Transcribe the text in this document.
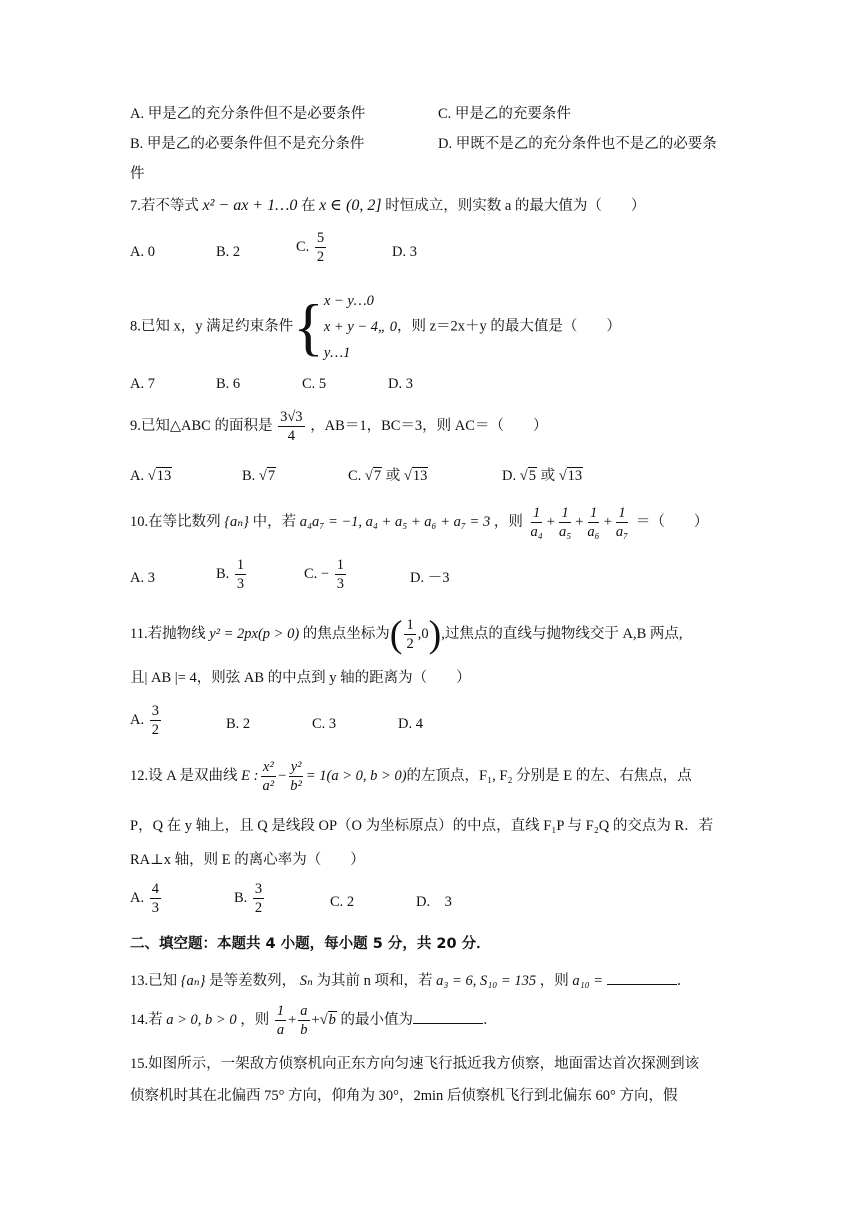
A. 甲是乙的充分条件但不是必要条件	C. 甲是乙的充要条件
B. 甲是乙的必要条件但不是充分条件	D. 甲既不是乙的充分条件也不是乙的必要条
件
7.若不等式 x² − ax + 1…0 在 x ∈ (0, 2] 时恒成立，则实数 a 的最大值为（　　）
A. 0	B. 2	C. $\frac{5}{2}$	D. 3
8.已知 x，y 满足约束条件{ x − y…0
x + y − 4„ 0
y…1
，则 z＝2x＋y 的最大值是（　　）
A. 7	B. 6	C. 5	D. 3
9.已知△ABC 的面积是 $\frac{3√3}{4}$ ，AB＝1，BC＝3，则 AC＝（　　）
A. √13	B. √7	C. √7 或 √13	D. √5 或 √13
10.在等比数列 {aₙ} 中，若 a₄a₇ = −1, a₄ + a₅ + a₆ + a₇ = 3 ，则 $\frac{1}{\text{a₄}} + \frac{1}{\text{a₅}} + \frac{1}{\text{a₆}} + \frac{1}{\text{a₇}}$ ＝（　　）
A. 3	B. $\frac{1}{3}$	C. − $\frac{1}{3}$	D. －3
11.若抛物线 y² = 2px(p > 0) 的焦点坐标为( $\frac{1}{2} ,0$),过焦点的直线与抛物线交于 A,B 两点,
且| AB |= 4，则弦 AB 的中点到 y 轴的距离为（　　）
A. $\frac{3}{2}$	B. 2	C. 3	D. 4
12.设 A 是双曲线 E : $\frac{\text{x²}}{\text{a²}} - \frac{\text{y²}}{\text{b²}} = 1(a > 0$, b > 0)的左顶点，F₁, F₂ 分别是 E 的左、右焦点，点
P，Q 在 y 轴上，且 Q 是线段 OP（O 为坐标原点）的中点，直线 F₁P 与 F₂Q 的交点为 R．若
RA⊥x 轴，则 E 的离心率为（　　）
A. $\frac{4}{3}$	B. $\frac{3}{2}$	C. 2	D.　3
二、填空题：本题共 4 小题，每小题 5 分，共 20 分．
13.已知 {aₙ} 是等差数列， Sₙ 为其前 n 项和，若 a₃ = 6, S₁₀ = 135 ，则 a₁₀ =	．
14.若 a > 0, b > 0 ，则 $\frac{1}{a} + \frac{a}{b} +√b$ 的最小值为	．
15.如图所示，一架敌方侦察机向正东方向匀速飞行抵近我方侦察，地面雷达首次探测到该
侦察机时其在北偏西 75° 方向，仰角为 30°，2min 后侦察机飞行到北偏东 60° 方向，假
